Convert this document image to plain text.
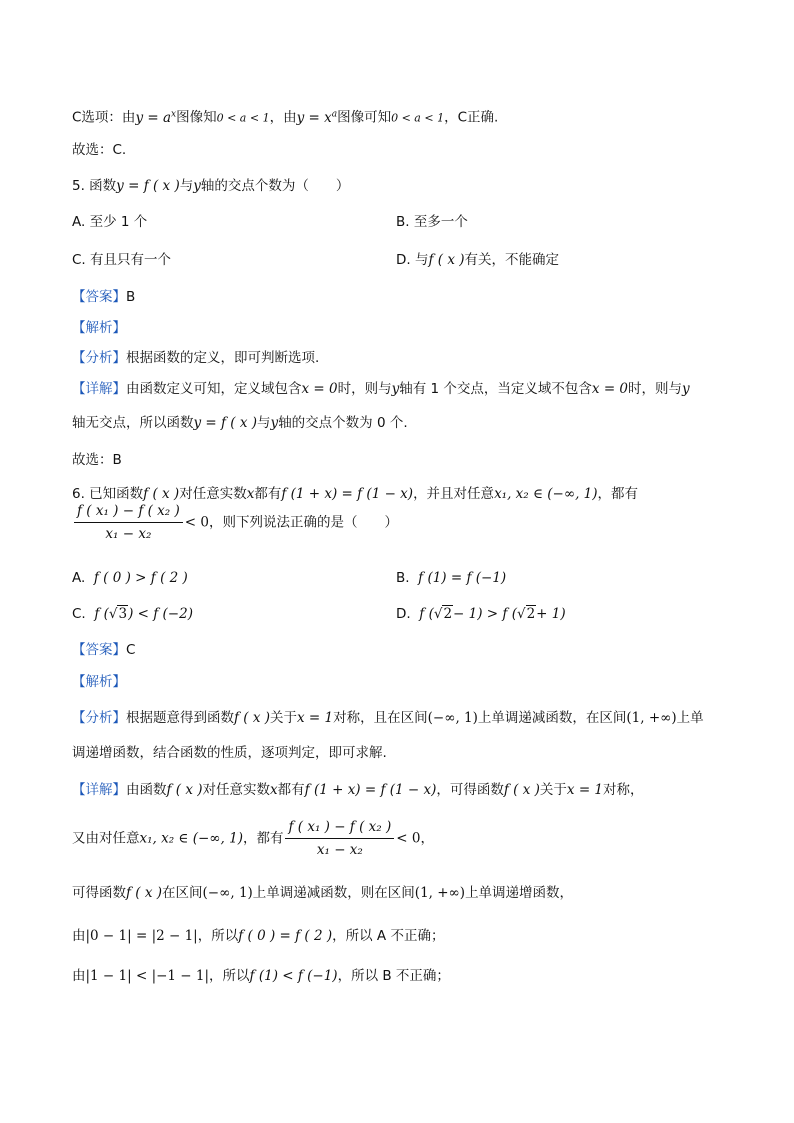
C选项：由$y = a^x$图像知0 < a < 1，由$y = x^a$图像可知0 < a < 1，C正确.
故选：C.
5. 函数y = f ( x )与y轴的交点个数为（　　）
A. 至少 1 个	B. 至多一个
C. 有且只有一个	D. 与f ( x )有关，不能确定
【答案】B
【解析】
【分析】根据函数的定义，即可判断选项.
【详解】由函数定义可知，定义域包含x = 0时，则与y轴有 1 个交点，当定义域不包含x = 0时，则与y
轴无交点，所以函数y = f ( x )与y轴的交点个数为 0 个.
故选：B
6. 已知函数f ( x )对任意实数x都有f (1 + x) = f (1 − x)，并且对任意x₁, x₂ ∈ (−∞, 1)，都有
$\frac{\text{f ( x₁ ) − f ( x₂ )}}{\text{x₁ − x₂}} < 0$，则下列说法正确的是（　　）
A. f ( 0 ) > f ( 2 )	B. f (1) = f (−1)
C. f (√3) < f (−2)	D. f (√2− 1) > f (√2+ 1)
【答案】C
【解析】
【分析】根据题意得到函数f ( x )关于x = 1对称，且在区间(−∞, 1)上单调递减函数，在区间(1, +∞)上单
调递增函数，结合函数的性质，逐项判定，即可求解.
【详解】由函数f ( x )对任意实数x都有f (1 + x) = f (1 − x)，可得函数f ( x )关于x = 1对称，
又由对任意x₁, x₂ ∈ (−∞, 1)，都有 $\frac{\text{f ( x₁ ) − f ( x₂ )}}{\text{x₁ − x₂}} < 0$，
可得函数f ( x )在区间(−∞, 1)上单调递减函数，则在区间(1, +∞)上单调递增函数，
由|0 − 1| = |2 − 1|，所以f ( 0 ) = f ( 2 )，所以 A 不正确；
由|1 − 1| < |−1 − 1|，所以f (1) < f (−1)，所以 B 不正确；
